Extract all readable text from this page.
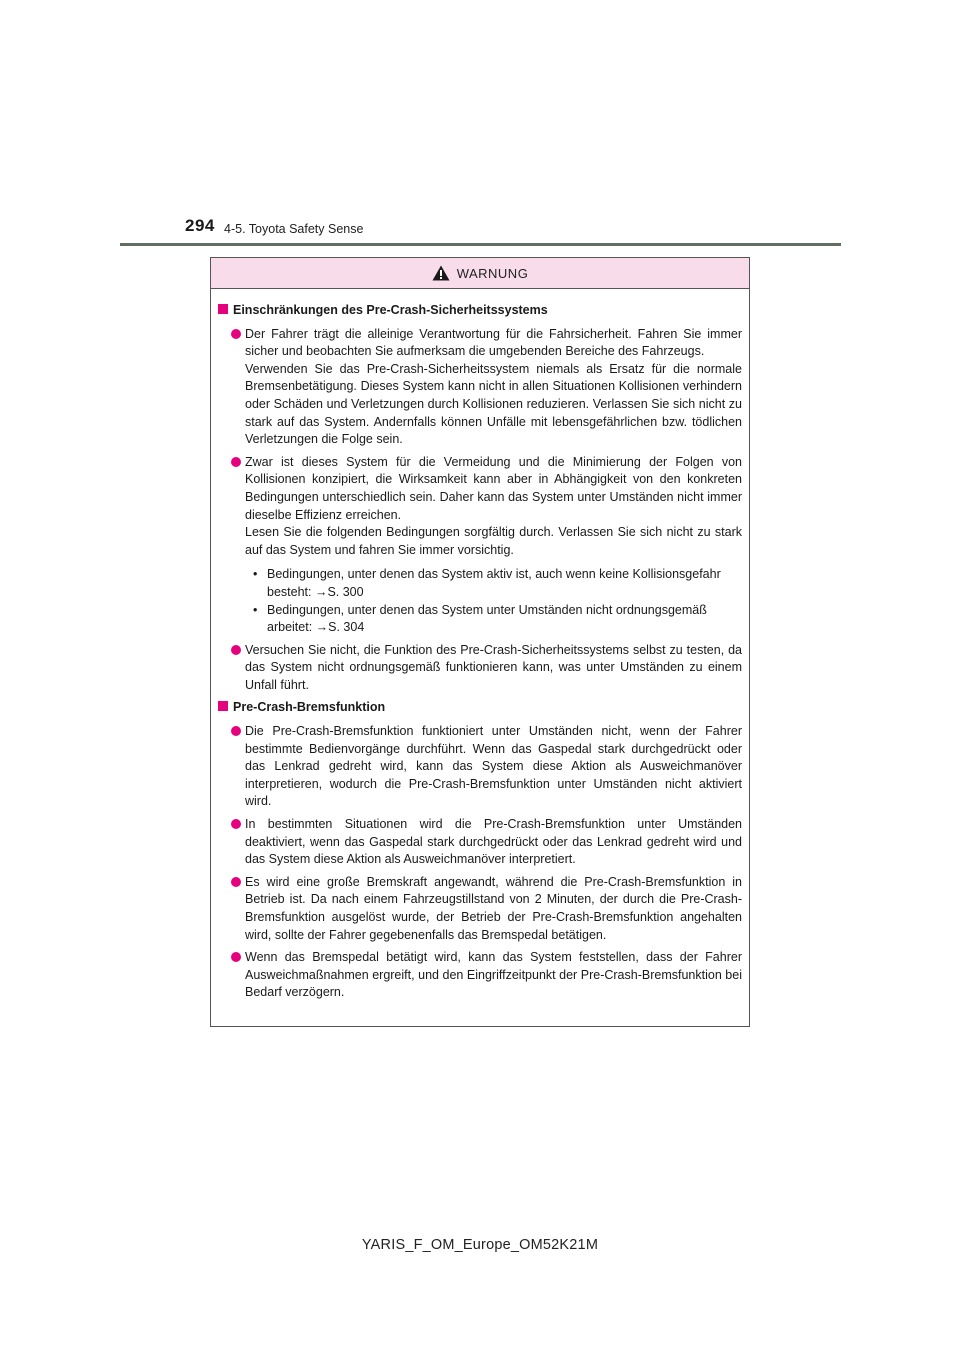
294 4-5. Toyota Safety Sense
WARNUNG
Einschränkungen des Pre-Crash-Sicherheitssystems
Der Fahrer trägt die alleinige Verantwortung für die Fahrsicherheit. Fahren Sie immer sicher und beobachten Sie aufmerksam die umgebenden Bereiche des Fahrzeugs.
Verwenden Sie das Pre-Crash-Sicherheitssystem niemals als Ersatz für die normale Bremsenbetätigung. Dieses System kann nicht in allen Situationen Kollisionen verhindern oder Schäden und Verletzungen durch Kollisionen reduzieren. Verlassen Sie sich nicht zu stark auf das System. Andernfalls können Unfälle mit lebensgefährlichen bzw. tödlichen Verletzungen die Folge sein.
Zwar ist dieses System für die Vermeidung und die Minimierung der Folgen von Kollisionen konzipiert, die Wirksamkeit kann aber in Abhängigkeit von den konkreten Bedingungen unterschiedlich sein. Daher kann das System unter Umständen nicht immer dieselbe Effizienz erreichen.
Lesen Sie die folgenden Bedingungen sorgfältig durch. Verlassen Sie sich nicht zu stark auf das System und fahren Sie immer vorsichtig.
• Bedingungen, unter denen das System aktiv ist, auch wenn keine Kollisionsgefahr besteht: →S. 300
• Bedingungen, unter denen das System unter Umständen nicht ordnungsgemäß arbeitet: →S. 304
Versuchen Sie nicht, die Funktion des Pre-Crash-Sicherheitssystems selbst zu testen, da das System nicht ordnungsgemäß funktionieren kann, was unter Umständen zu einem Unfall führt.
Pre-Crash-Bremsfunktion
Die Pre-Crash-Bremsfunktion funktioniert unter Umständen nicht, wenn der Fahrer bestimmte Bedienvorgänge durchführt. Wenn das Gaspedal stark durchgedrückt oder das Lenkrad gedreht wird, kann das System diese Aktion als Ausweichmanöver interpretieren, wodurch die Pre-Crash-Bremsfunktion unter Umständen nicht aktiviert wird.
In bestimmten Situationen wird die Pre-Crash-Bremsfunktion unter Umständen deaktiviert, wenn das Gaspedal stark durchgedrückt oder das Lenkrad gedreht wird und das System diese Aktion als Ausweichmanöver interpretiert.
Es wird eine große Bremskraft angewandt, während die Pre-Crash-Bremsfunktion in Betrieb ist. Da nach einem Fahrzeugstillstand von 2 Minuten, der durch die Pre-Crash-Bremsfunktion ausgelöst wurde, der Betrieb der Pre-Crash-Bremsfunktion angehalten wird, sollte der Fahrer gegebenenfalls das Bremspedal betätigen.
Wenn das Bremspedal betätigt wird, kann das System feststellen, dass der Fahrer Ausweichmaßnahmen ergreift, und den Eingriffzeitpunkt der Pre-Crash-Bremsfunktion bei Bedarf verzögern.
YARIS_F_OM_Europe_OM52K21M
